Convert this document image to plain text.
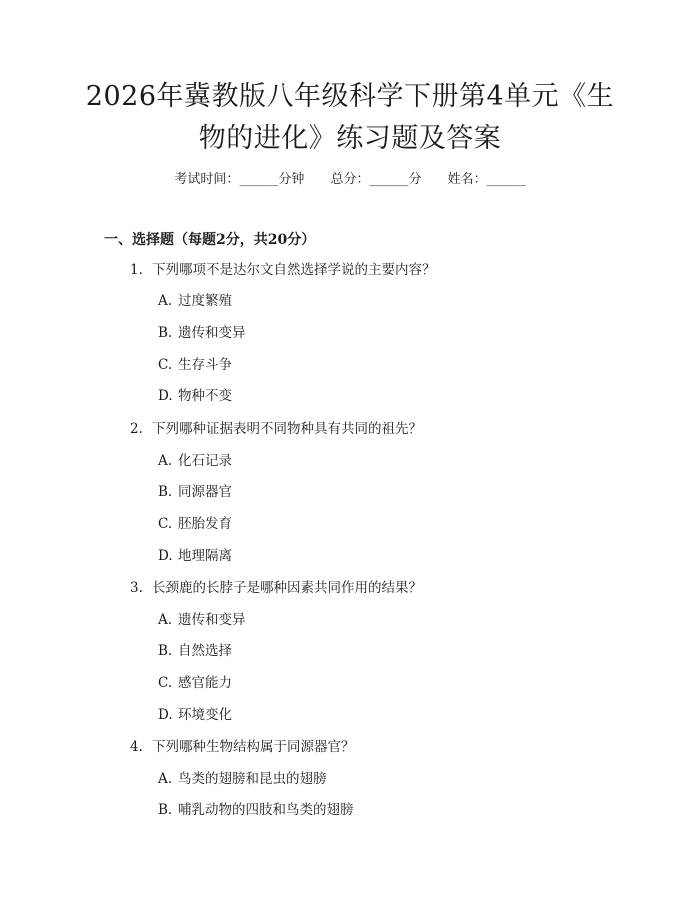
2026年冀教版八年级科学下册第4单元《生
物的进化》练习题及答案
考试时间：______分钟 总分：______分 姓名：______
一、选择题（每题2分，共20分）
1. 下列哪项不是达尔文自然选择学说的主要内容？
A. 过度繁殖
B. 遗传和变异
C. 生存斗争
D. 物种不变
2. 下列哪种证据表明不同物种具有共同的祖先？
A. 化石记录
B. 同源器官
C. 胚胎发育
D. 地理隔离
3. 长颈鹿的长脖子是哪种因素共同作用的结果？
A. 遗传和变异
B. 自然选择
C. 感官能力
D. 环境变化
4. 下列哪种生物结构属于同源器官？
A. 鸟类的翅膀和昆虫的翅膀
B. 哺乳动物的四肢和鸟类的翅膀
